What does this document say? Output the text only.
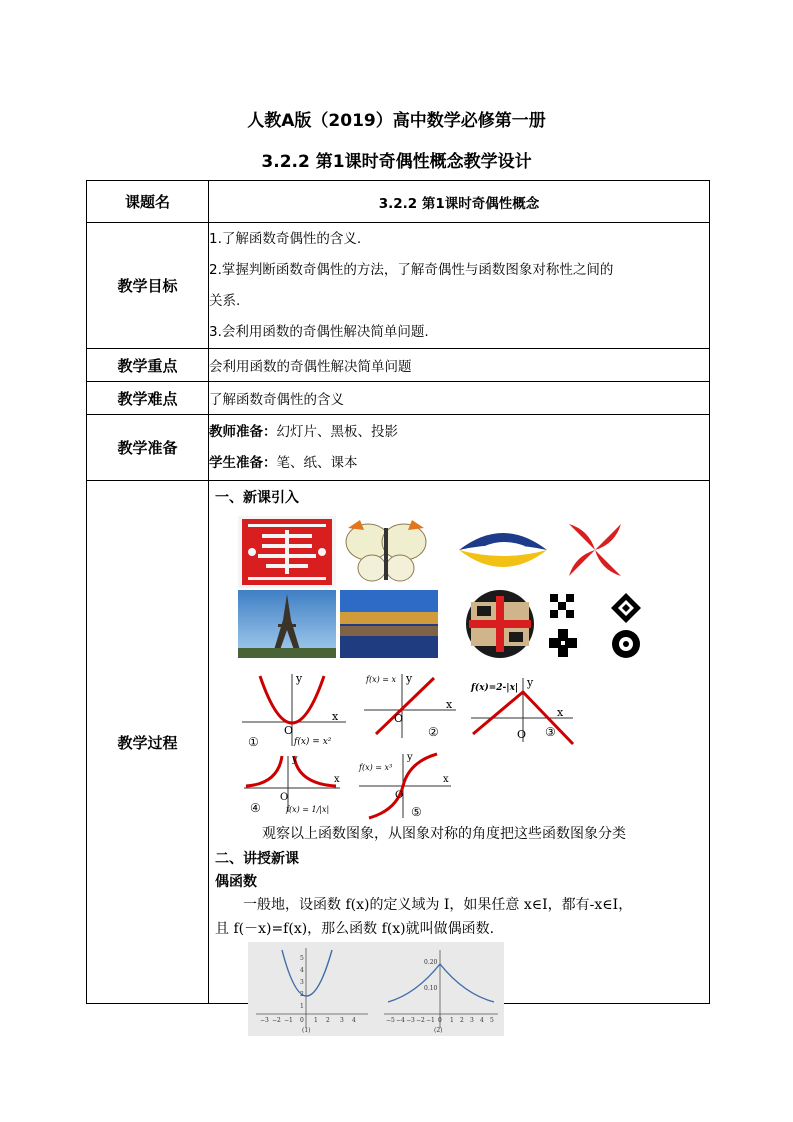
人教A版（2019）高中数学必修第一册
3.2.2 第1课时奇偶性概念教学设计
课题名	3.2.2 第1课时奇偶性概念
教学目标	1.了解函数奇偶性的含义.
2.掌握判断函数奇偶性的方法，了解奇偶性与函数图象对称性之间的
关系.
3.会利用函数的奇偶性解决简单问题.

教学重点	会利用函数的奇偶性解决简单问题
教学难点	了解函数奇偶性的含义
教学准备	教师准备：幻灯片、黑板、投影
学生准备：笔、纸、课本

教学过程	
一、新课引入
x
y
O
①	f(x) = x²
x
y
O
②
f(x) = x
x
y
O ③
f(x)=2-|x|
x
y
O
④	f(x) = 1/|x|
x
y
O
⑤
f(x) = x³
观察以上函数图象，从图象对称的角度把这些函数图象分类
二、讲授新课
偶函数
一般地，设函数 f(x)的定义域为 I，如果任意 x∈I，都有-x∈I，
且 f(－x)=f(x)，那么函数 f(x)就叫做偶函数.
−3 −2 −1 0 1 2 3 4
5
4
3
2
1
0.20
0.10
−5 −4 −3 −2 −1 0 1 2 3 4 5
(1)	(2)
